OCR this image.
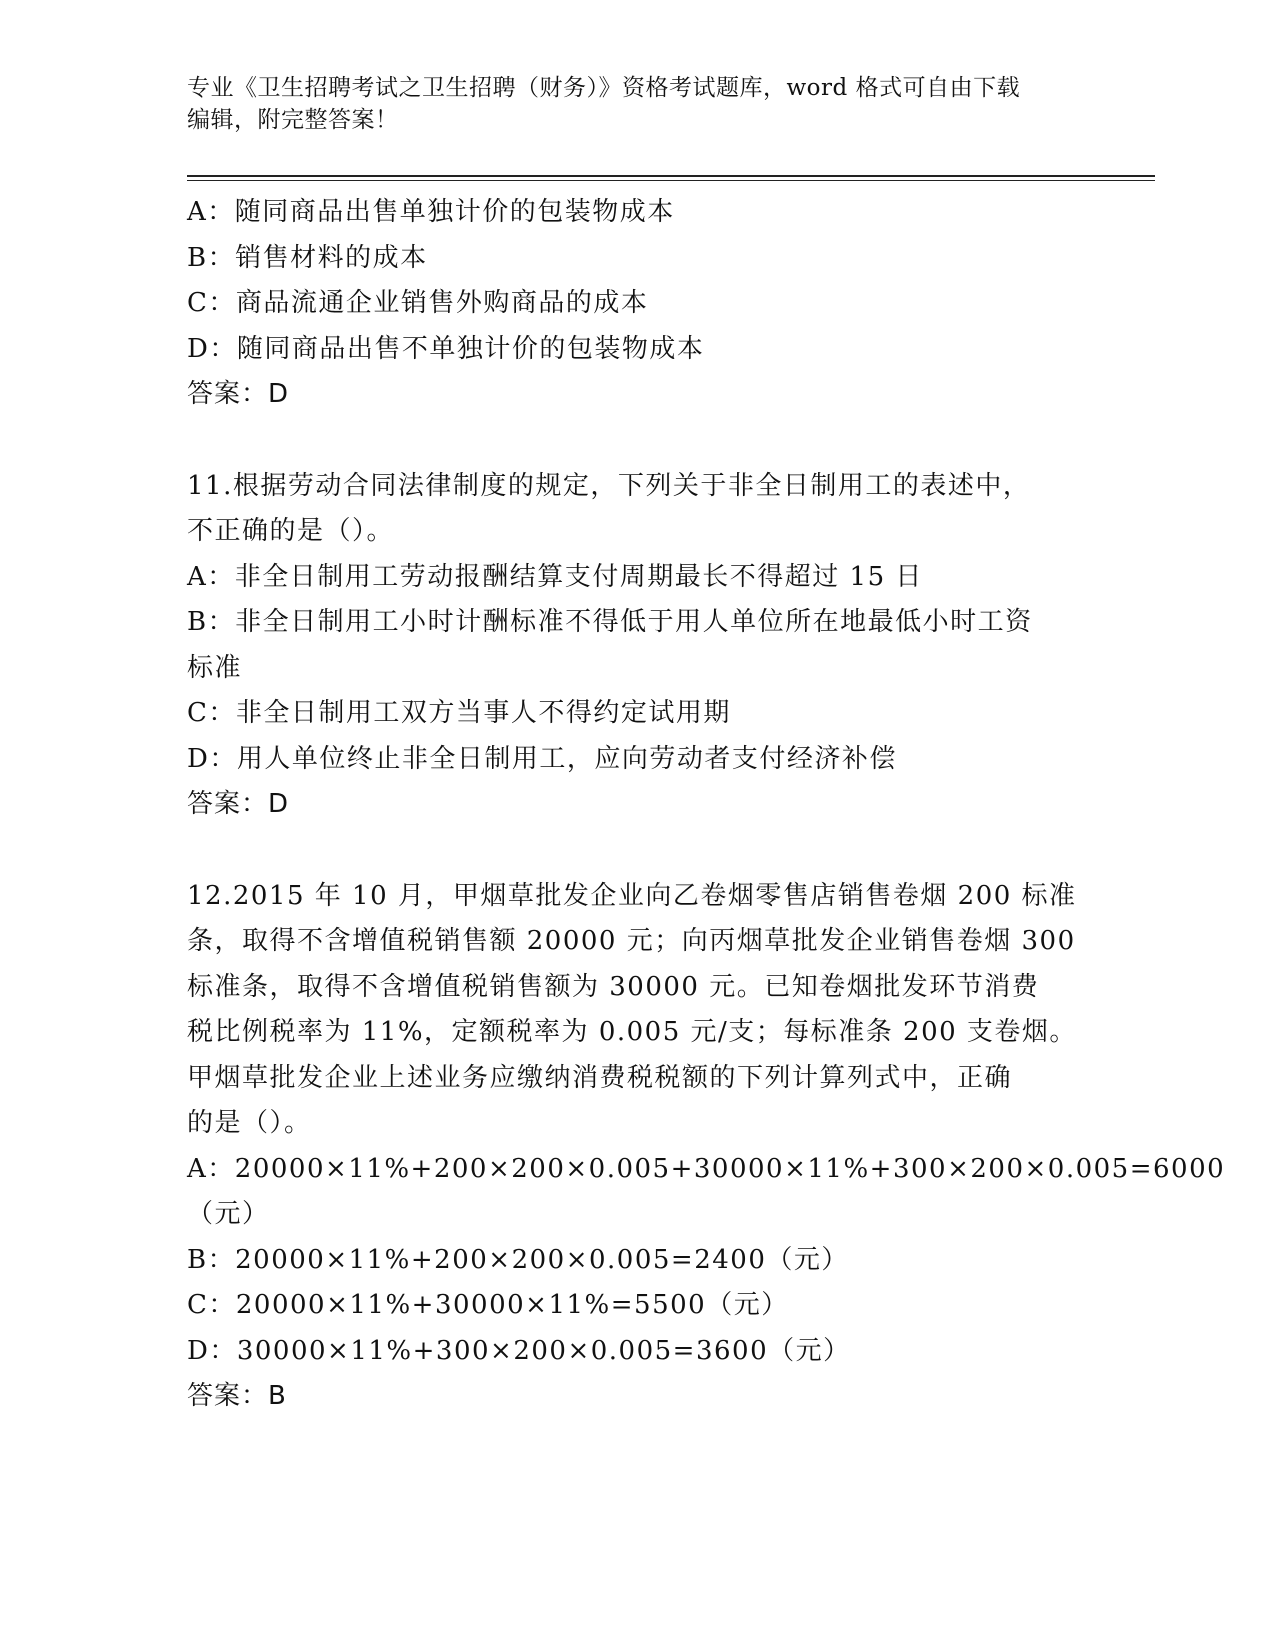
专业《卫生招聘考试之卫生招聘（财务）》资格考试题库，word 格式可自由下载
编辑，附完整答案！
A：随同商品出售单独计价的包装物成本
B：销售材料的成本
C：商品流通企业销售外购商品的成本
D：随同商品出售不单独计价的包装物成本
答案：D
11.根据劳动合同法律制度的规定，下列关于非全日制用工的表述中，
不正确的是（）。
A：非全日制用工劳动报酬结算支付周期最长不得超过 15 日
B：非全日制用工小时计酬标准不得低于用人单位所在地最低小时工资
标准
C：非全日制用工双方当事人不得约定试用期
D：用人单位终止非全日制用工，应向劳动者支付经济补偿
答案：D
12.2015 年 10 月，甲烟草批发企业向乙卷烟零售店销售卷烟 200 标准
条，取得不含增值税销售额 20000 元；向丙烟草批发企业销售卷烟 300
标准条，取得不含增值税销售额为 30000 元。已知卷烟批发环节消费
税比例税率为 11%，定额税率为 0.005 元/支；每标准条 200 支卷烟。
甲烟草批发企业上述业务应缴纳消费税税额的下列计算列式中，正确
的是（）。
A：20000×11%+200×200×0.005+30000×11%+300×200×0.005=6000
（元）
B：20000×11%+200×200×0.005=2400（元）
C：20000×11%+30000×11%=5500（元）
D：30000×11%+300×200×0.005=3600（元）
答案：B
